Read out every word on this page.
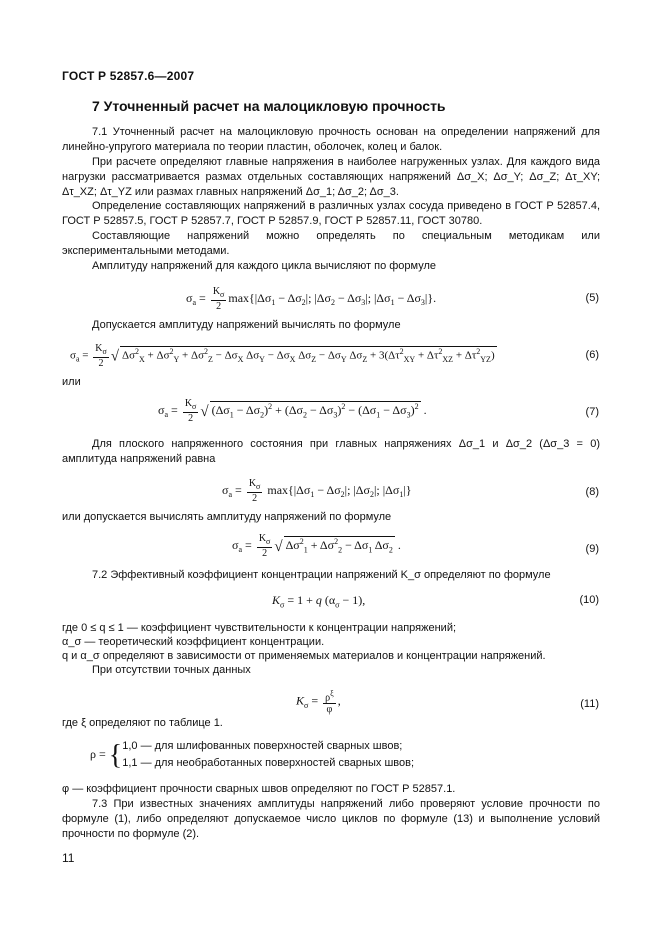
ГОСТ Р 52857.6—2007
7 Уточненный расчет на малоцикловую прочность
7.1 Уточненный расчет на малоцикловую прочность основан на определении напряжений для линейно-упругого материала по теории пластин, оболочек, колец и балок.
При расчете определяют главные напряжения в наиболее нагруженных узлах. Для каждого вида нагрузки рассматривается размах отдельных составляющих напряжений Δσ_X; Δσ_Y; Δσ_Z; Δτ_XY; Δτ_XZ; Δτ_YZ или размах главных напряжений Δσ_1; Δσ_2; Δσ_3.
Определение составляющих напряжений в различных узлах сосуда приведено в ГОСТ Р 52857.4, ГОСТ Р 52857.5, ГОСТ Р 52857.7, ГОСТ Р 52857.9, ГОСТ Р 52857.11, ГОСТ 30780.
Составляющие напряжений можно определять по специальным методикам или экспериментальными методами.
Амплитуду напряжений для каждого цикла вычисляют по формуле
$\sigma_a = \frac{K_\sigma}{2} \max\{|\Delta\sigma_1 - \Delta\sigma_2|$; $|\Delta\sigma_2 - \Delta\sigma_3|$; $|\Delta\sigma_1 - \Delta\sigma_3|$}.	(5)
Допускается амплитуду напряжений вычислять по формуле
$\sigma_a = \frac{K_\sigma}{2}$ √ $\Delta\sigma^2_X + \Delta\sigma^2_Y + \Delta\sigma^2_Z - \Delta\sigma_X$ $\Delta\sigma_Y - \Delta\sigma_X$ $\Delta\sigma_Z - \Delta\sigma_Y$ $\Delta\sigma_Z + 3(\Delta\tau^2_{XY} + \Delta\tau^2_{XZ} + \Delta\tau^2_{YZ})$	(6)
или
$\sigma_a = \frac{K_\sigma}{2}$ √ $(\Delta\sigma_1 - \Delta\sigma_2)^2 + (\Delta\sigma_2 - \Delta\sigma_3)^2 - (\Delta\sigma_1 - \Delta\sigma_3)^2$ .	(7)
Для плоского напряженного состояния при главных напряжениях Δσ_1 и Δσ_2 (Δσ_3 = 0) амплитуда напряжений равна
$\sigma_a = \frac{K_\sigma}{2} \max\{|\Delta\sigma_1 - \Delta\sigma_2|$; $|\Delta\sigma_2|$; $|\Delta\sigma_1|$}	(8)
или допускается вычислять амплитуду напряжений по формуле
$\sigma_a = \frac{K_\sigma}{2}$ √ $\Delta\sigma^2_1 + \Delta\sigma^2_2 - \Delta\sigma_1$ $\Delta\sigma_2$ .	(9)
7.2 Эффективный коэффициент концентрации напряжений K_σ определяют по формуле
$K_\sigma = 1 + q$ $(\alpha_\sigma - 1)$,	(10)
где 0 ≤ q ≤ 1 — коэффициент чувствительности к концентрации напряжений;
α_σ — теоретический коэффициент концентрации.
q и α_σ определяют в зависимости от применяемых материалов и концентрации напряжений.
При отсутствии точных данных
$K_\sigma = \frac{\rho^\xi}{\varphi}$ ,	(11)
где ξ определяют по таблице 1.
ρ = { 1,0 — для шлифованных поверхностей сварных швов;
1,1 — для необработанных поверхностей сварных швов;
φ — коэффициент прочности сварных швов определяют по ГОСТ Р 52857.1.
7.3 При известных значениях амплитуды напряжений либо проверяют условие прочности по формуле (1), либо определяют допускаемое число циклов по формуле (13) и выполнение условий прочности по формуле (2).
11
